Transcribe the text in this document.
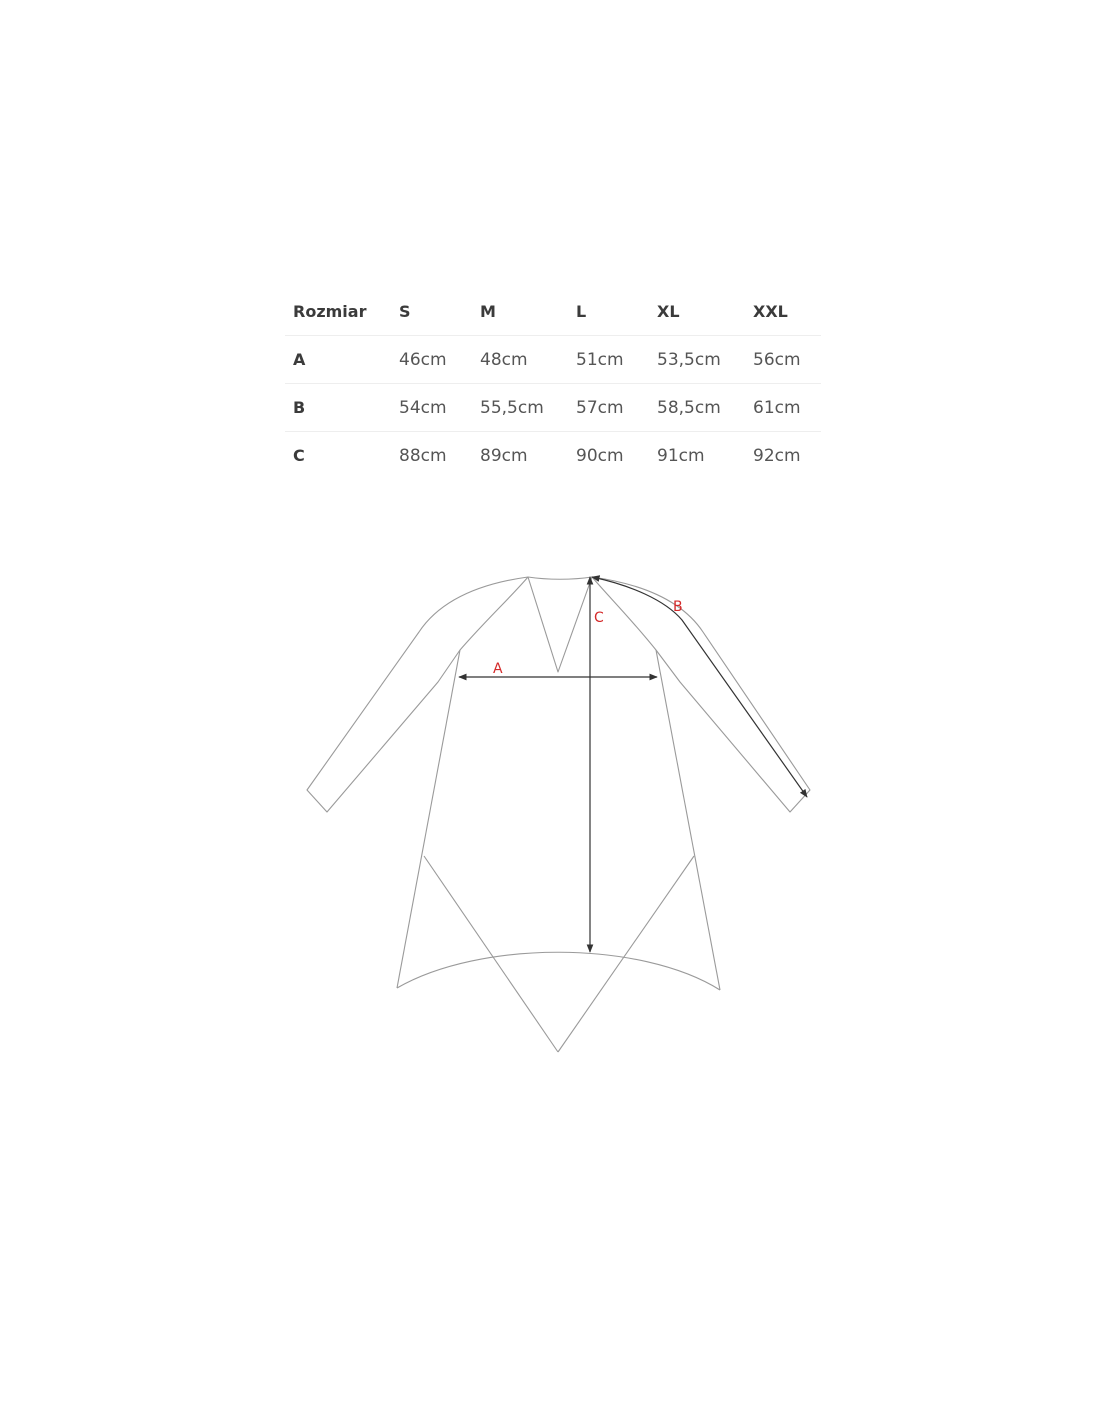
Rozmiar	S	M	L	XL	XXL
A	46cm	48cm	51cm	53,5cm	56cm
B	54cm	55,5cm	57cm	58,5cm	61cm
C	88cm	89cm	90cm	91cm	92cm
A
C
B
